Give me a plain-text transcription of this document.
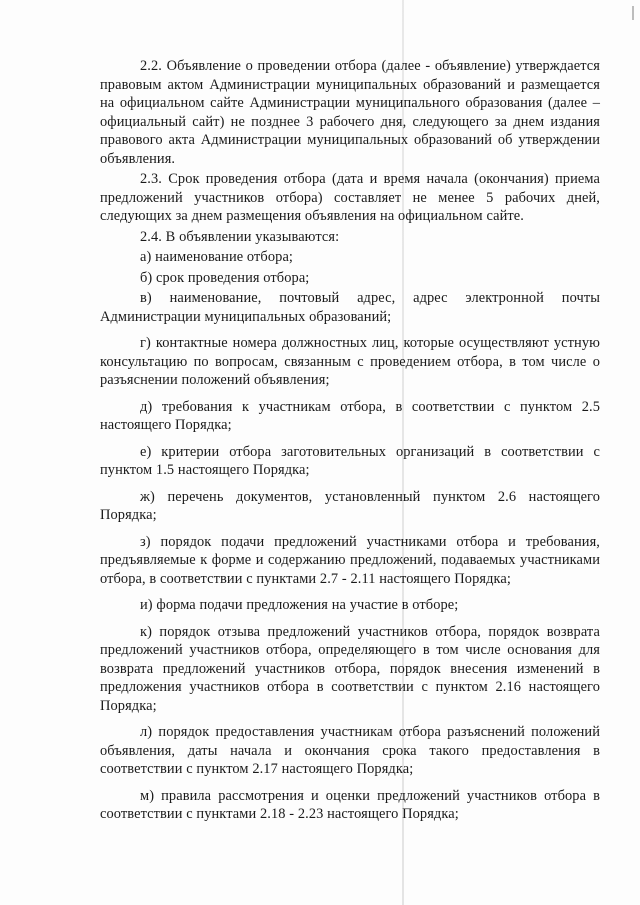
2.2. Объявление о проведении отбора (далее - объявление) утверждается правовым актом Администрации муниципальных образований и размещается на официальном сайте Администрации муниципального образования (далее – официальный сайт) не позднее 3 рабочего дня, следующего за днем издания правового акта Администрации муниципальных образований об утверждении объявления.

2.3. Срок проведения отбора (дата и время начала (окончания) приема предложений участников отбора) составляет не менее 5 рабочих дней, следующих за днем размещения объявления на официальном сайте.

2.4. В объявлении указываются:

а) наименование отбора;

б) срок проведения отбора;

в) наименование, почтовый адрес, адрес электронной почты Администрации муниципальных образований;

г) контактные номера должностных лиц, которые осуществляют устную консультацию по вопросам, связанным с проведением отбора, в том числе о разъяснении положений объявления;

д) требования к участникам отбора, в соответствии с пунктом 2.5 настоящего Порядка;

е) критерии отбора заготовительных организаций в соответствии с пунктом 1.5 настоящего Порядка;

ж) перечень документов, установленный пунктом 2.6 настоящего Порядка;

з) порядок подачи предложений участниками отбора и требования, предъявляемые к форме и содержанию предложений, подаваемых участниками отбора, в соответствии с пунктами 2.7 - 2.11 настоящего Порядка;

и) форма подачи предложения на участие в отборе;

к) порядок отзыва предложений участников отбора, порядок возврата предложений участников отбора, определяющего в том числе основания для возврата предложений участников отбора, порядок внесения изменений в предложения участников отбора в соответствии с пунктом 2.16 настоящего Порядка;

л) порядок предоставления участникам отбора разъяснений положений объявления, даты начала и окончания срока такого предоставления в соответствии с пунктом 2.17 настоящего Порядка;

м) правила рассмотрения и оценки предложений участников отбора в соответствии с пунктами 2.18 - 2.23 настоящего Порядка;
